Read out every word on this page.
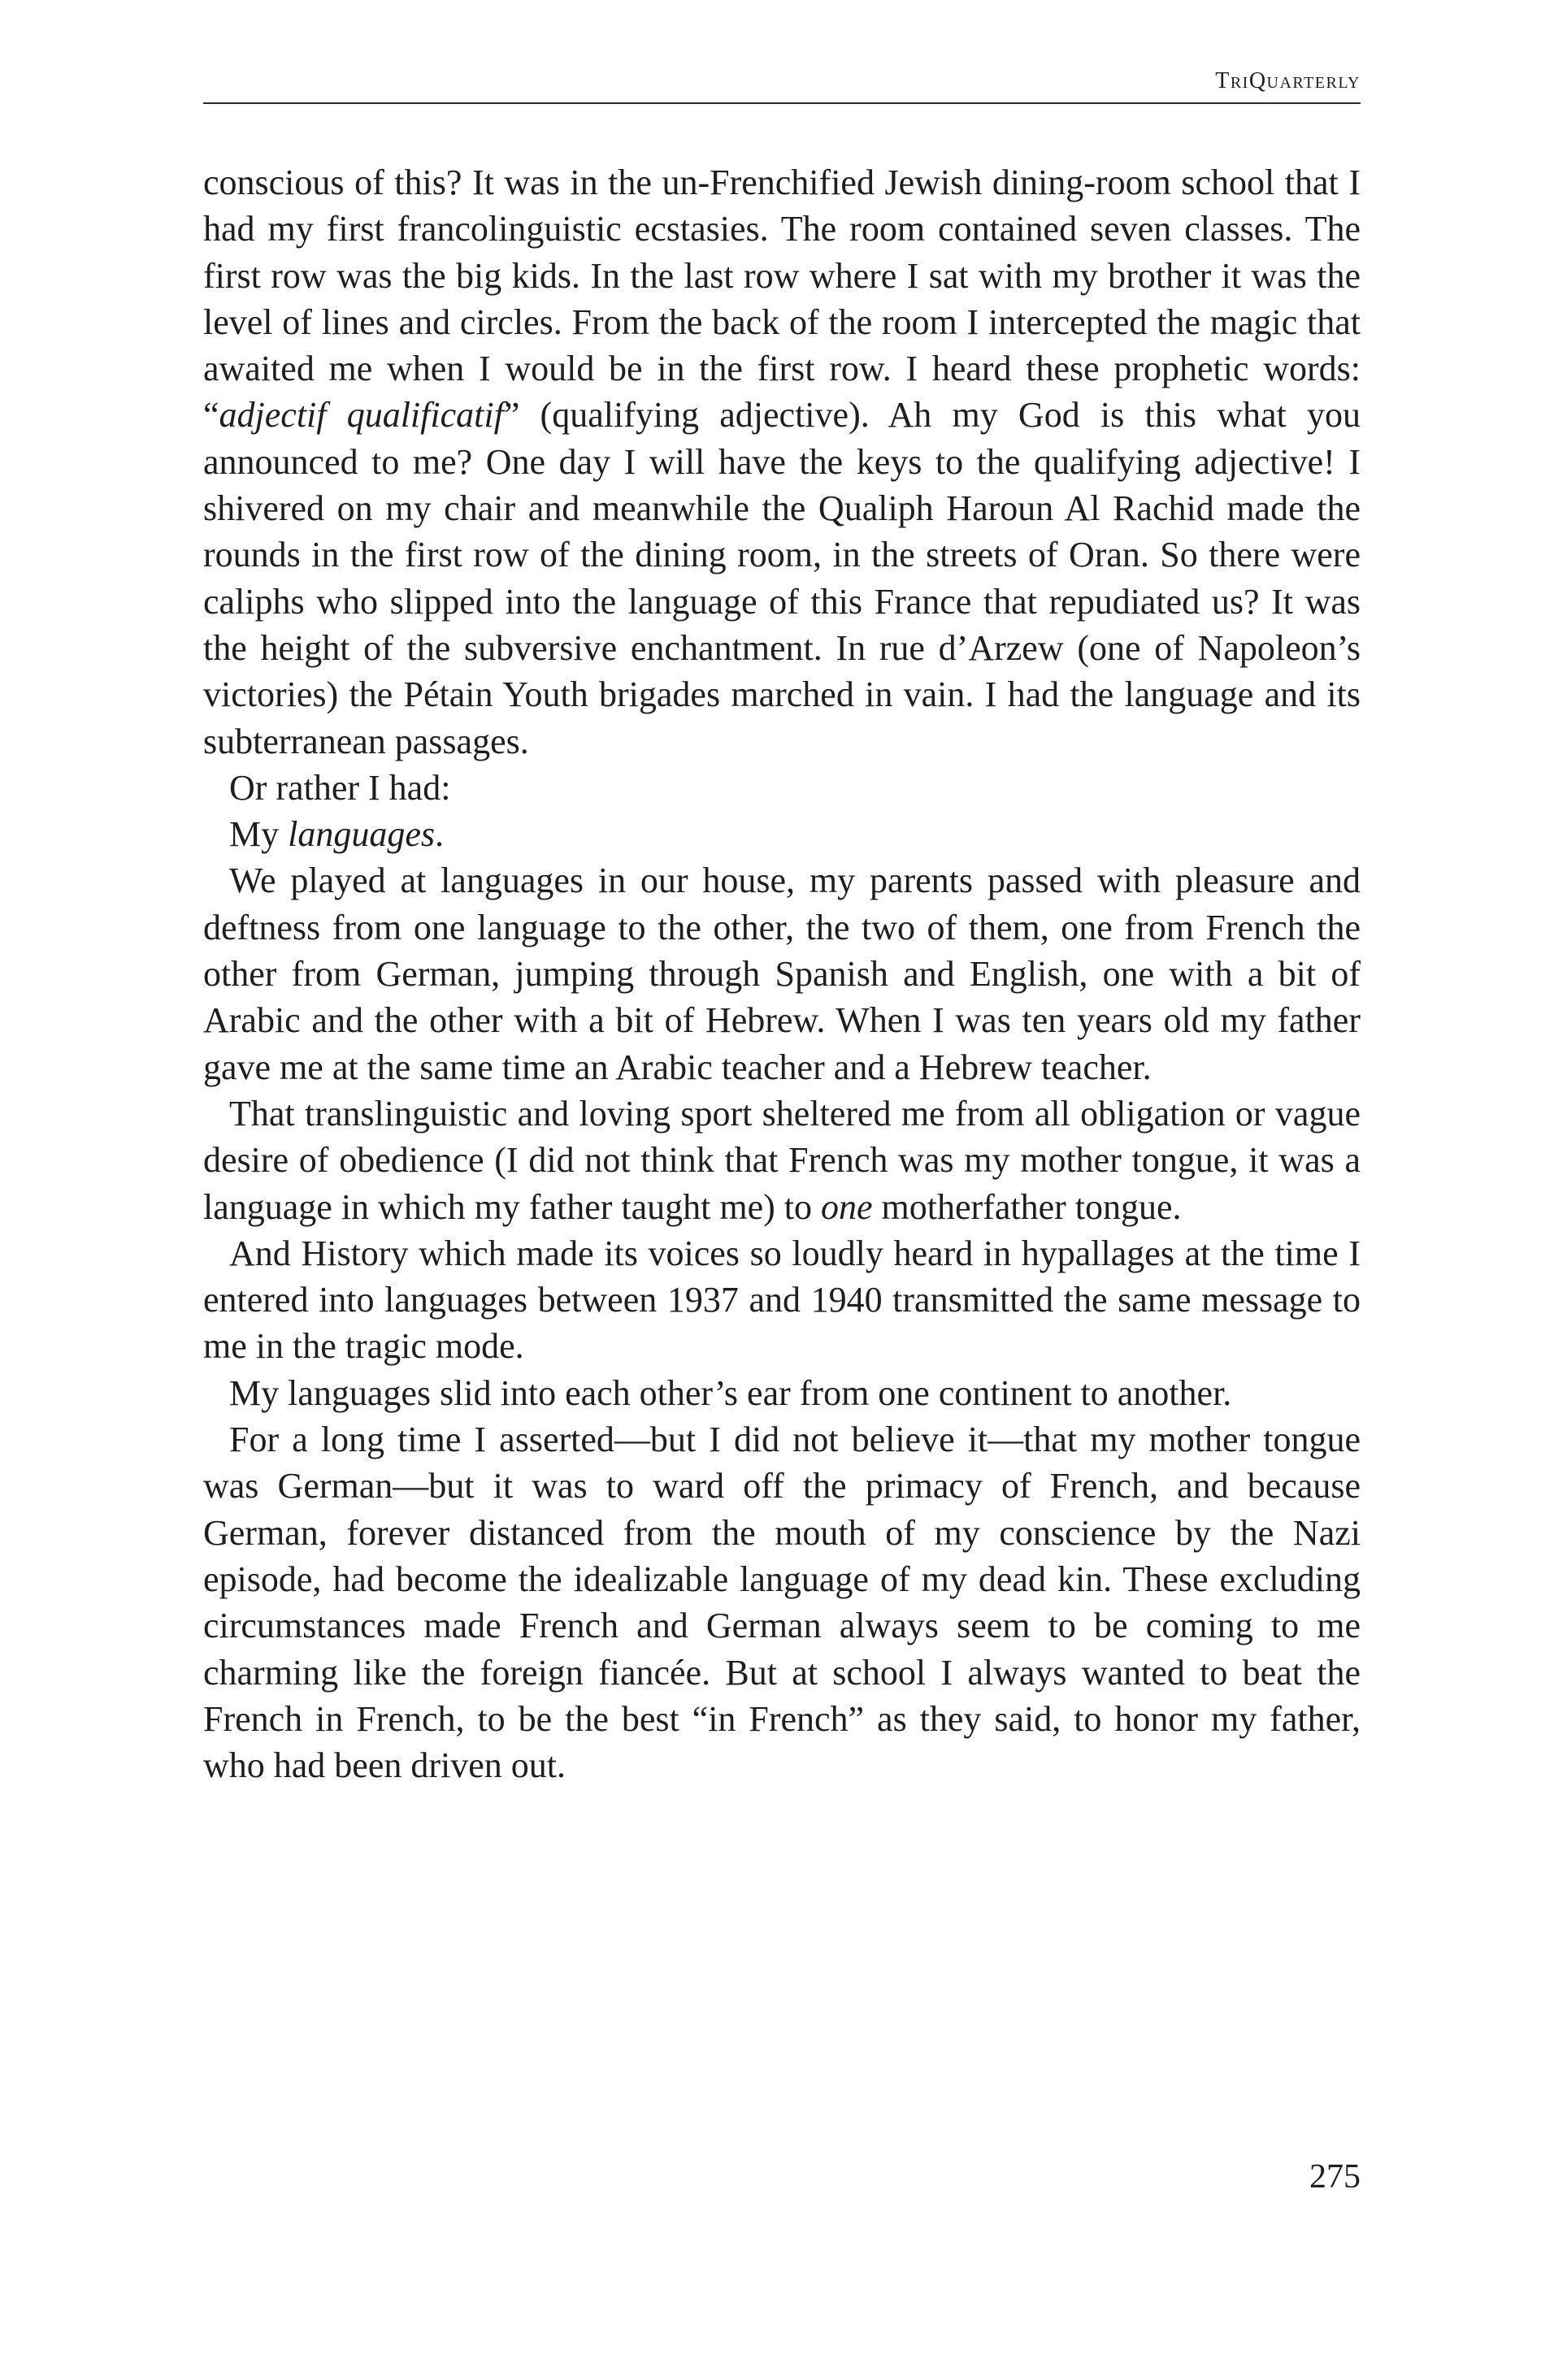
TriQuarterly

conscious of this? It was in the un-Frenchified Jewish dining-room school that I had my first francolinguistic ecstasies. The room contained seven classes. The first row was the big kids. In the last row where I sat with my brother it was the level of lines and circles. From the back of the room I intercepted the magic that awaited me when I would be in the first row. I heard these prophetic words: “adjectif qualificatif” (qualifying adjective). Ah my God is this what you announced to me? One day I will have the keys to the qualifying adjective! I shivered on my chair and meanwhile the Qualiph Haroun Al Rachid made the rounds in the first row of the dining room, in the streets of Oran. So there were caliphs who slipped into the language of this France that repudiated us? It was the height of the subversive enchantment. In rue d’Arzew (one of Napoleon’s victories) the Pétain Youth brigades marched in vain. I had the language and its subterranean passages.

Or rather I had:

My languages.

We played at languages in our house, my parents passed with pleasure and deftness from one language to the other, the two of them, one from French the other from German, jumping through Spanish and English, one with a bit of Arabic and the other with a bit of Hebrew. When I was ten years old my father gave me at the same time an Arabic teacher and a Hebrew teacher.

That translinguistic and loving sport sheltered me from all obligation or vague desire of obedience (I did not think that French was my mother tongue, it was a language in which my father taught me) to one motherfather tongue.

And History which made its voices so loudly heard in hypallages at the time I entered into languages between 1937 and 1940 transmitted the same message to me in the tragic mode.

My languages slid into each other’s ear from one continent to another.

For a long time I asserted—but I did not believe it—that my mother tongue was German—but it was to ward off the primacy of French, and because German, forever distanced from the mouth of my conscience by the Nazi episode, had become the idealizable language of my dead kin. These excluding circumstances made French and German always seem to be coming to me charming like the foreign fiancée. But at school I always wanted to beat the French in French, to be the best “in French” as they said, to honor my father, who had been driven out.

275
